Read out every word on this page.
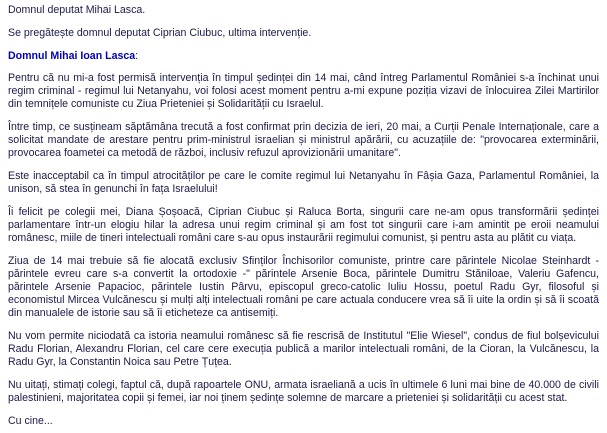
Domnul deputat Mihai Lasca.

Se pregătește domnul deputat Ciprian Ciubuc, ultima intervenție.

Domnul Mihai Ioan Lasca:

Pentru că nu mi-a fost permisă intervenția în timpul ședinței din 14 mai, când întreg Parlamentul României s-a închinat unui regim criminal - regimul lui Netanyahu, voi folosi acest moment pentru a-mi expune poziția vizavi de înlocuirea Zilei Martirilor din temnițele comuniste cu Ziua Prieteniei și Solidarității cu Israelul.

Între timp, ce susțineam săptămâna trecută a fost confirmat prin decizia de ieri, 20 mai, a Curții Penale Internaționale, care a solicitat mandate de arestare pentru prim-ministrul israelian și ministrul apărării, cu acuzațiile de: "provocarea exterminării, provocarea foametei ca metodă de război, inclusiv refuzul aprovizionării umanitare".

Este inacceptabil ca în timpul atrocităților pe care le comite regimul lui Netanyahu în Fâșia Gaza, Parlamentul României, la unison, să stea în genunchi în fața Israelului!

Îi felicit pe colegii mei, Diana Șoșoacă, Ciprian Ciubuc și Raluca Borta, singurii care ne-am opus transformării ședinței parlamentare într-un elogiu hilar la adresa unui regim criminal și am fost tot singurii care i-am amintit pe eroii neamului românesc, miile de tineri intelectuali români care s-au opus instaurării regimului comunist, și pentru asta au plătit cu viața.

Ziua de 14 mai trebuie să fie alocată exclusiv Sfinților Închisorilor comuniste, printre care părintele Nicolae Steinhardt - părintele evreu care s-a convertit la ortodoxie -" părintele Arsenie Boca, părintele Dumitru Stăniloae, Valeriu Gafencu, părintele Arsenie Papacioc, părintele Iustin Pârvu, episcopul greco-catolic Iuliu Hossu, poetul Radu Gyr, filosoful și economistul Mircea Vulcănescu și mulți alți intelectuali români pe care actuala conducere vrea să îi uite la ordin și să îi scoată din manualele de istorie sau să îi eticheteze ca antisemiți.

Nu vom permite niciodată ca istoria neamului românesc să fie rescrisă de Institutul "Elie Wiesel", condus de fiul bolșevicului Radu Florian, Alexandru Florian, cel care cere execuția publică a marilor intelectuali români, de la Cioran, la Vulcănescu, la Radu Gyr, la Constantin Noica sau Petre Țuțea.

Nu uitați, stimați colegi, faptul că, după rapoartele ONU, armata israeliană a ucis în ultimele 6 luni mai bine de 40.000 de civili palestinieni, majoritatea copii și femei, iar noi ținem ședințe solemne de marcare a prieteniei și solidarității cu acest stat.

Cu cine...
